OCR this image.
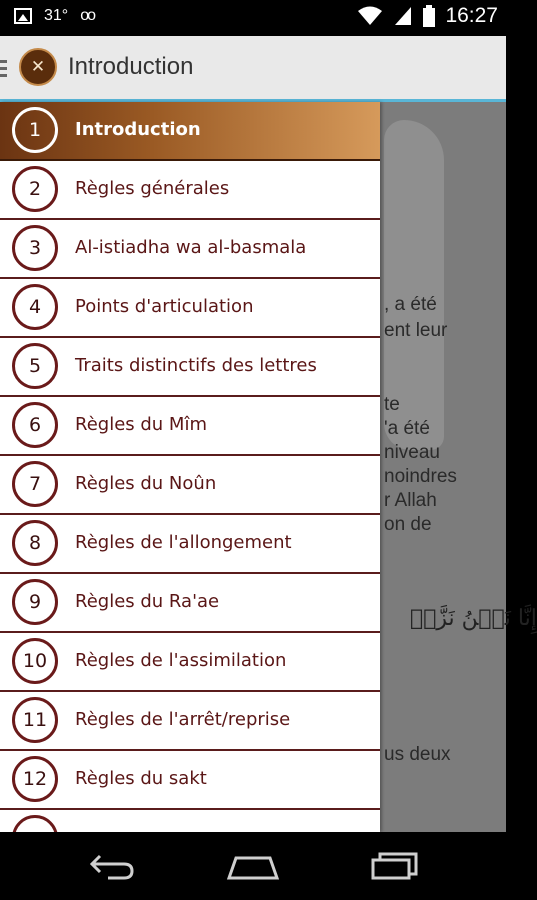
31° oo	16:27
✕ Introduction
, a été
ent leur
te
'a été
niveau
noindres
r Allah
on de
إِنَّا نَحۡنُ نَزَّلۡ
us deux
1	Introduction
2	Règles générales
3	Al-istiadha wa al-basmala
4	Points d'articulation
5	Traits distinctifs des lettres
6	Règles du Mîm
7	Règles du Noûn
8	Règles de l'allongement
9	Règles du Ra'ae
10	Règles de l'assimilation
11	Règles de l'arrêt/reprise
12	Règles du sakt
